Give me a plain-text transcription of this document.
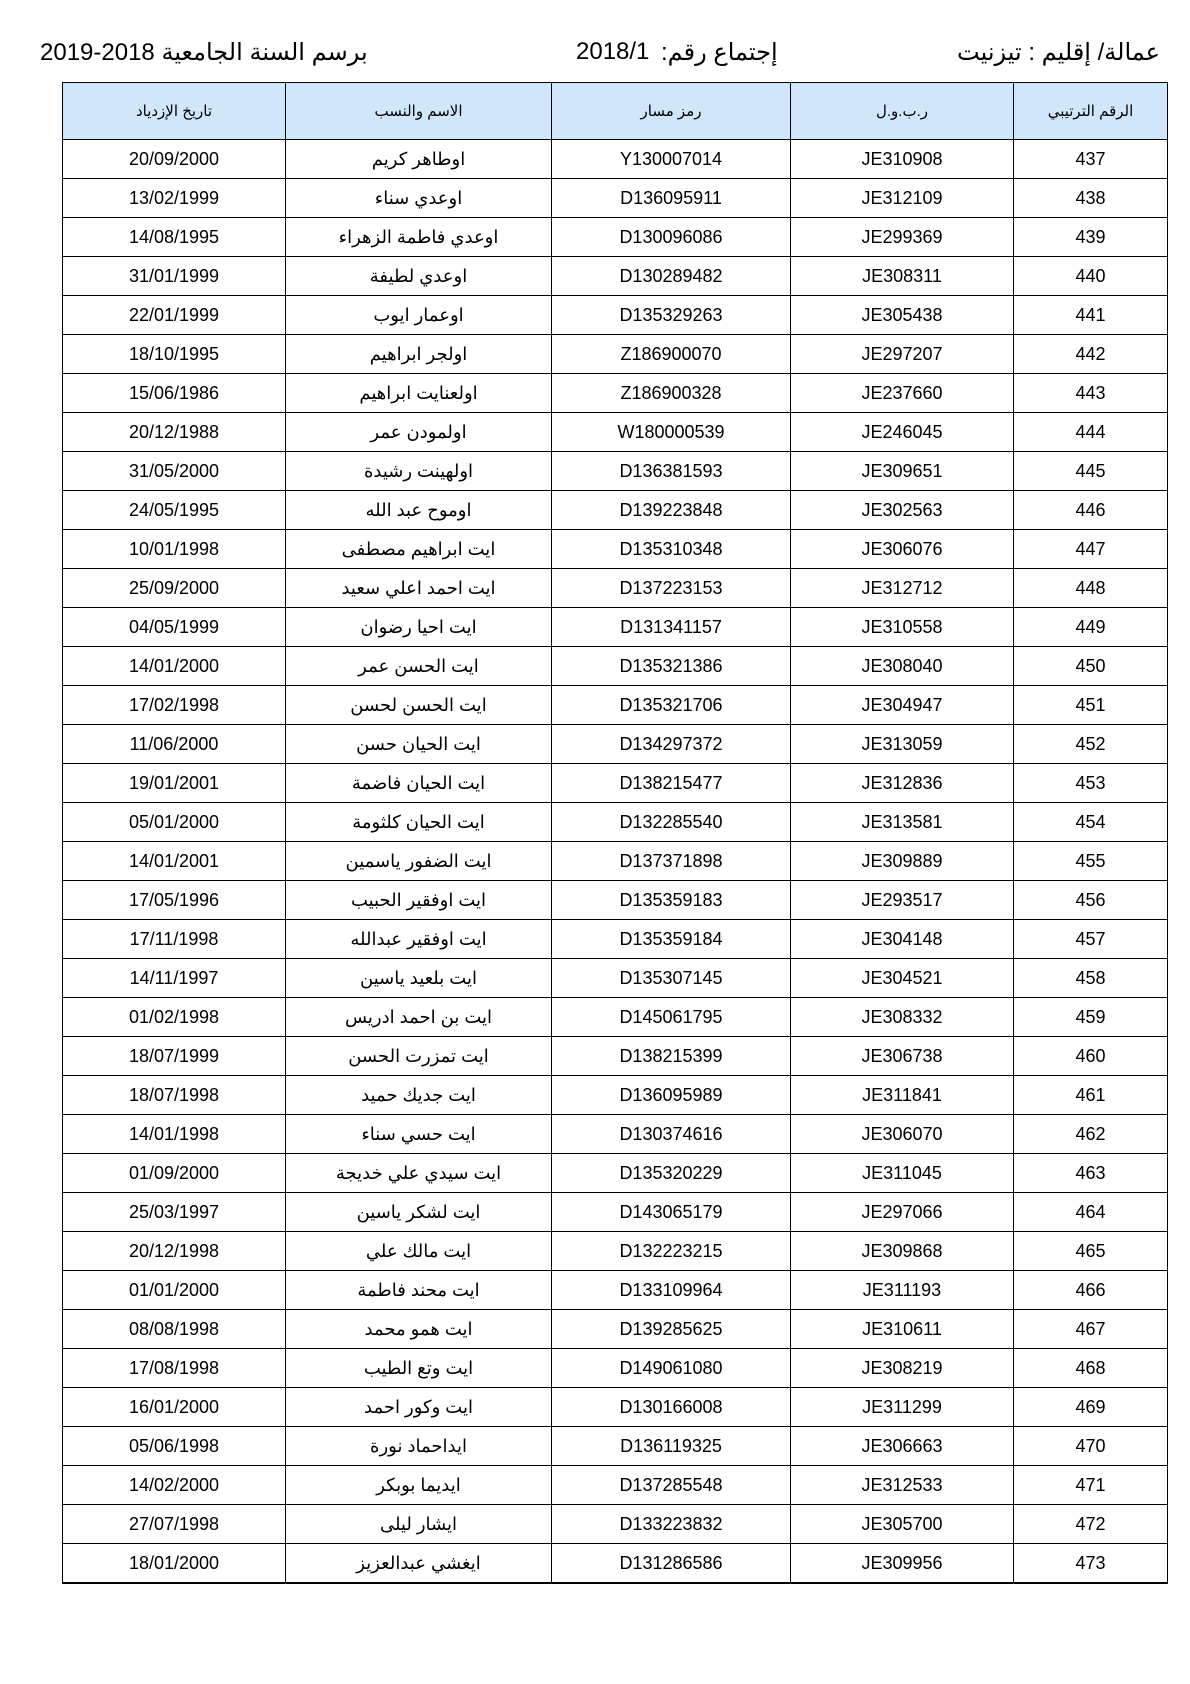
عمالة/ إقليم : تيزنيت
إجتماع رقم:
2018/1
برسم السنة الجامعية 2018-2019
تاريخ الإزدياد	الاسم والنسب	رمز مسار	ر.ب.و.ل	الرقم الترتيبي
20/09/2000	اوطاهر كريم	Y130007014	JE310908	437
13/02/1999	اوعدي سناء	D136095911	JE312109	438
14/08/1995	اوعدي فاطمة الزهراء	D130096086	JE299369	439
31/01/1999	اوعدي لطيفة	D130289482	JE308311	440
22/01/1999	اوعمار ايوب	D135329263	JE305438	441
18/10/1995	اولجر ابراهيم	Z186900070	JE297207	442
15/06/1986	اولعنايت ابراهيم	Z186900328	JE237660	443
20/12/1988	اولمودن عمر	W180000539	JE246045	444
31/05/2000	اولهينت رشيدة	D136381593	JE309651	445
24/05/1995	اوموح عبد الله	D139223848	JE302563	446
10/01/1998	ايت ابراهيم مصطفى	D135310348	JE306076	447
25/09/2000	ايت احمد اعلي سعيد	D137223153	JE312712	448
04/05/1999	ايت احيا رضوان	D131341157	JE310558	449
14/01/2000	ايت الحسن عمر	D135321386	JE308040	450
17/02/1998	ايت الحسن لحسن	D135321706	JE304947	451
11/06/2000	ايت الحيان حسن	D134297372	JE313059	452
19/01/2001	ايت الحيان فاضمة	D138215477	JE312836	453
05/01/2000	ايت الحيان كلثومة	D132285540	JE313581	454
14/01/2001	ايت الضفور ياسمين	D137371898	JE309889	455
17/05/1996	ايت اوفقير الحبيب	D135359183	JE293517	456
17/11/1998	ايت اوفقير عبدالله	D135359184	JE304148	457
14/11/1997	ايت بلعيد ياسين	D135307145	JE304521	458
01/02/1998	ايت بن احمد ادريس	D145061795	JE308332	459
18/07/1999	ايت تمزرت الحسن	D138215399	JE306738	460
18/07/1998	ايت جديك حميد	D136095989	JE311841	461
14/01/1998	ايت حسي سناء	D130374616	JE306070	462
01/09/2000	ايت سيدي علي خديجة	D135320229	JE311045	463
25/03/1997	ايت لشكر ياسين	D143065179	JE297066	464
20/12/1998	ايت مالك علي	D132223215	JE309868	465
01/01/2000	ايت محند فاطمة	D133109964	JE311193	466
08/08/1998	ايت همو محمد	D139285625	JE310611	467
17/08/1998	ايت وتع الطيب	D149061080	JE308219	468
16/01/2000	ايت وكور احمد	D130166008	JE311299	469
05/06/1998	ايداحماد نورة	D136119325	JE306663	470
14/02/2000	ايديما بوبكر	D137285548	JE312533	471
27/07/1998	ايشار ليلى	D133223832	JE305700	472
18/01/2000	ايغشي عبدالعزيز	D131286586	JE309956	473
